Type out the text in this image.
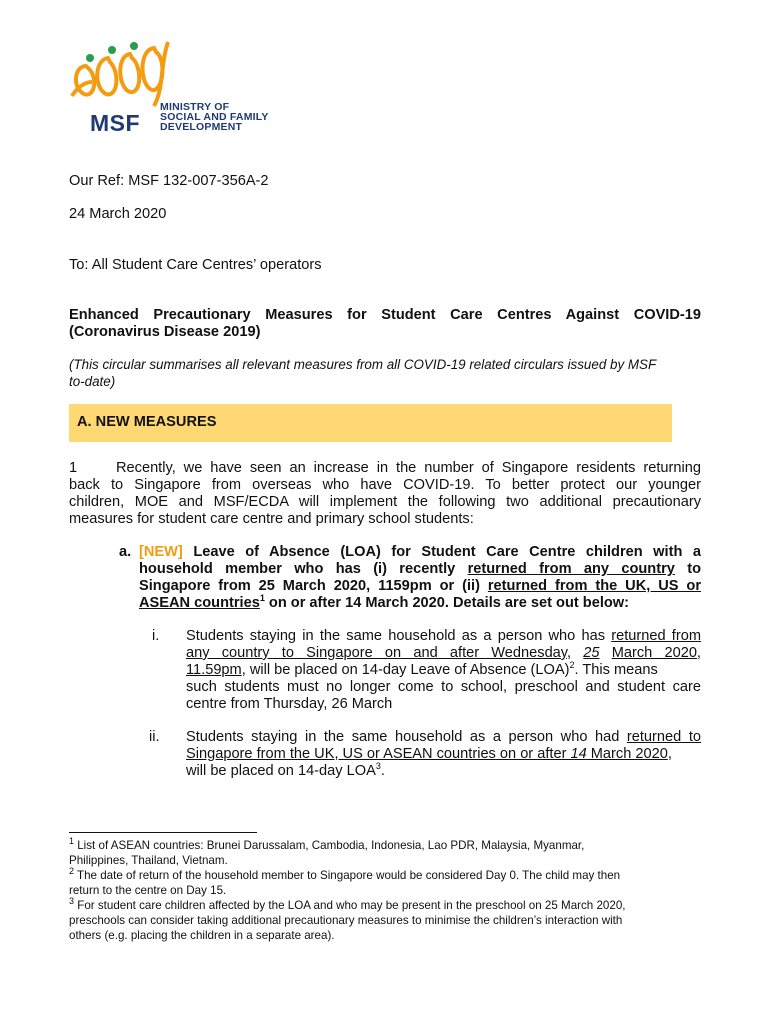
MSF
MINISTRY OF
SOCIAL AND FAMILY
DEVELOPMENT
Our Ref: MSF 132-007-356A-2
24 March 2020
To: All Student Care Centres’ operators
Enhanced Precautionary Measures for Student Care Centres Against COVID-19
(Coronavirus Disease 2019)
(This circular summarises all relevant measures from all COVID-19 related circulars issued by MSF
to-date)
A. NEW MEASURES
1	Recently, we have seen an increase in the number of Singapore residents returning
back to Singapore from overseas who have COVID-19. To better protect our younger
children, MOE and MSF/ECDA will implement the following two additional precautionary
measures for student care centre and primary school students:
a. [NEW] Leave of Absence (LOA) for Student Care Centre children with a
household member who has (i) recently returned from any country to
Singapore from 25 March 2020, 1159pm or (ii) returned from the UK, US or
ASEAN countries$^1$ on or after 14 March 2020. Details are set out below:
i. Students staying in the same household as a person who has returned from
any country to Singapore on and after Wednesday, 25 March 2020,
11.59pm, will be placed on 14-day Leave of Absence (LOA)$^2$. This means
such students must no longer come to school, preschool and student care
centre from Thursday, 26 March
ii. Students staying in the same household as a person who had returned to
Singapore from the UK, US or ASEAN countries on or after 14 March 2020,
will be placed on 14-day LOA$^3$.
$^1$ List of ASEAN countries: Brunei Darussalam, Cambodia, Indonesia, Lao PDR, Malaysia, Myanmar,
Philippines, Thailand, Vietnam.
$^2$ The date of return of the household member to Singapore would be considered Day 0. The child may then
return to the centre on Day 15.
$^3$ For student care children affected by the LOA and who may be present in the preschool on 25 March 2020,
preschools can consider taking additional precautionary measures to minimise the children’s interaction with
others (e.g. placing the children in a separate area).
